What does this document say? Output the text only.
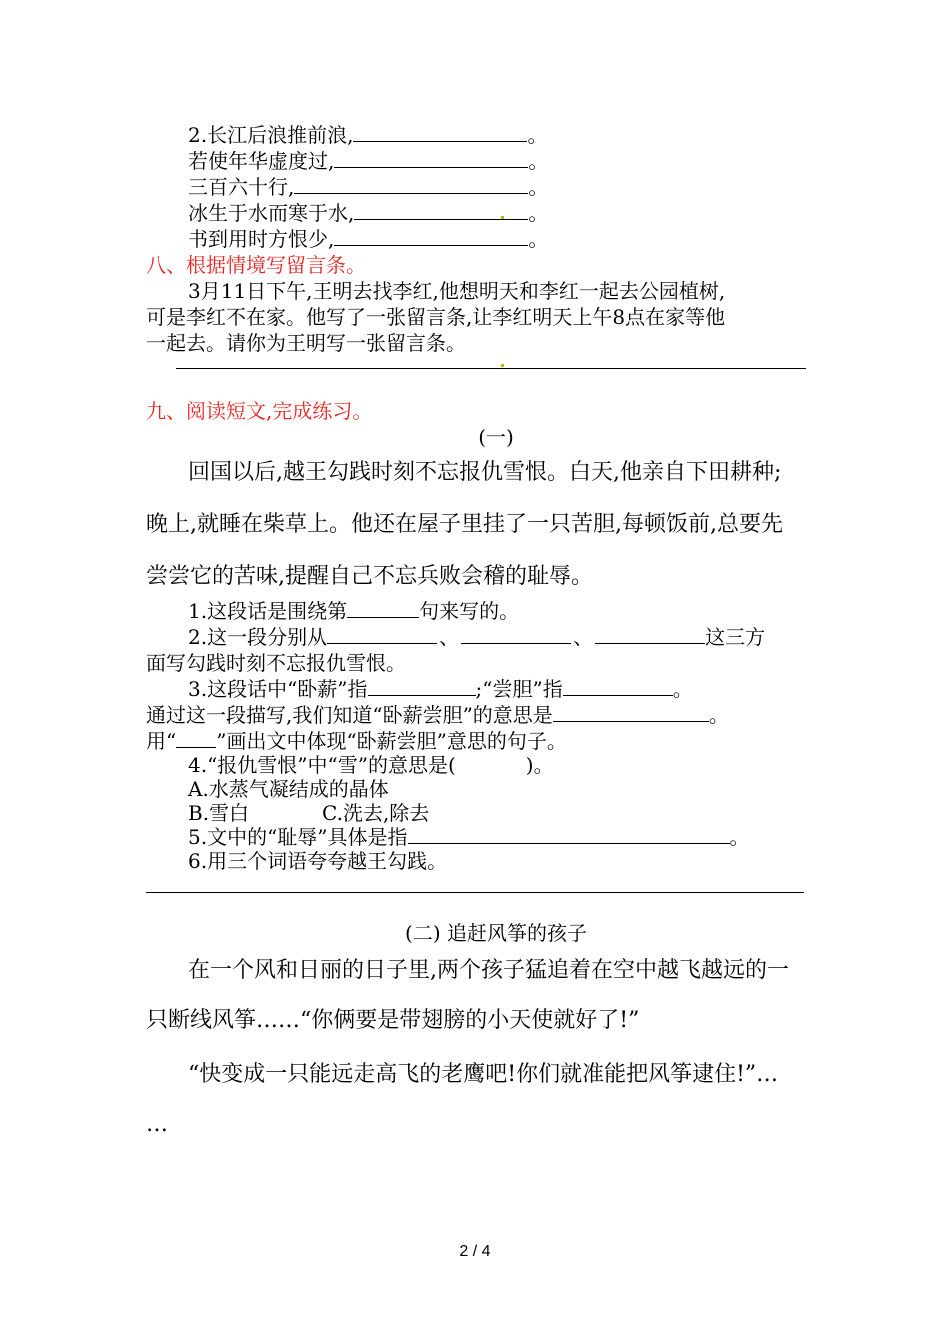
2.长江后浪推前浪,	。
若使年华虚度过,	。
三百六十行,	。
冰生于水而寒于水,	。
书到用时方恨少,	。
八、根据情境写留言条。
3月11日下午,王明去找李红,他想明天和李红一起去公园植树,
可是李红不在家。他写了一张留言条,让李红明天上午8点在家等他
一起去。请你为王明写一张留言条。
九、阅读短文,完成练习。
(一)
回国以后,越王勾践时刻不忘报仇雪恨。白天,他亲自下田耕种;
晚上,就睡在柴草上。他还在屋子里挂了一只苦胆,每顿饭前,总要先
尝尝它的苦味,提醒自己不忘兵败会稽的耻辱。
1.这段话是围绕第	句来写的。
2.这一段分别从	、	、	这三方
面写勾践时刻不忘报仇雪恨。
3.这段话中“卧薪”指	;“尝胆”指	。
通过这一段描写,我们知道“卧薪尝胆”的意思是	。
用“ ”画出文中体现“卧薪尝胆”意思的句子。
4.“报仇雪恨”中“雪”的意思是(	)。
A.水蒸气凝结成的晶体
B.雪白	C.洗去,除去
5.文中的“耻辱”具体是指	。
6.用三个词语夸夸越王勾践。
(二) 追赶风筝的孩子
在一个风和日丽的日子里,两个孩子猛追着在空中越飞越远的一
只断线风筝……“你俩要是带翅膀的小天使就好了!”
“快变成一只能远走高飞的老鹰吧!你们就准能把风筝逮住!”…
…
2 / 4
